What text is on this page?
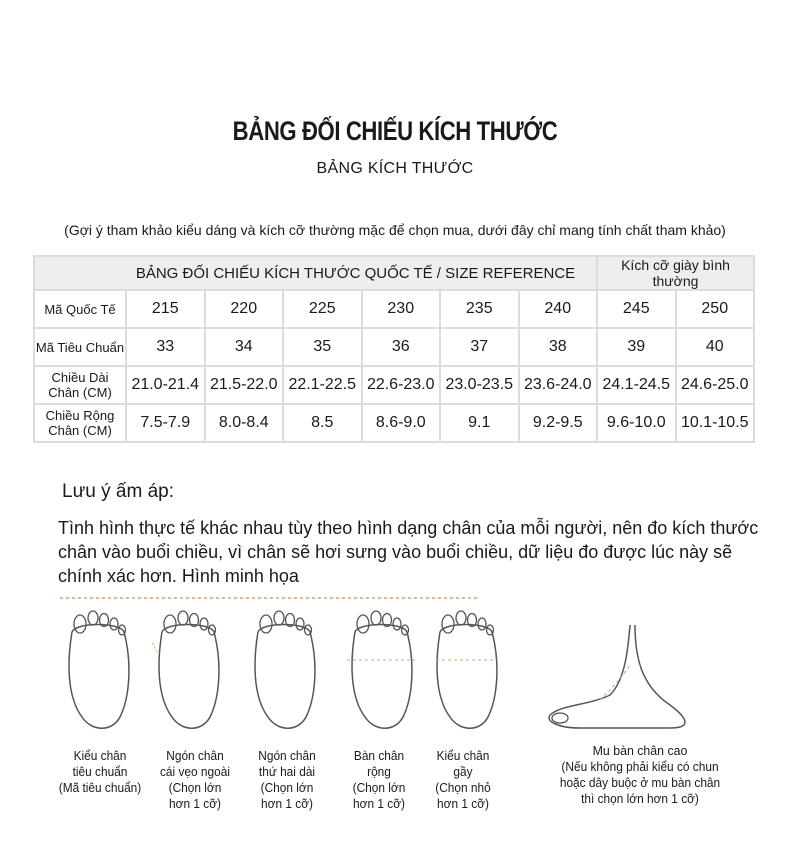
BẢNG ĐỐI CHIẾU KÍCH THƯỚC
BẢNG KÍCH THƯỚC
(Gợi ý tham khảo kiểu dáng và kích cỡ thường mặc để chọn mua, dưới đây chỉ mang tính chất tham khảo)
BẢNG ĐỐI CHIẾU KÍCH THƯỚC QUỐC TẾ / SIZE REFERENCE							Kích cỡ giày bình thường	
Mã Quốc Tế	215	220	225	230	235	240	245	250
Mã Tiêu Chuẩn	33	34	35	36	37	38	39	40
Chiều Dài Chân (CM)	21.0-21.4	21.5-22.0	22.1-22.5	22.6-23.0	23.0-23.5	23.6-24.0	24.1-24.5	24.6-25.0
Chiều Rộng Chân (CM)	7.5-7.9	8.0-8.4	8.5	8.6-9.0	9.1	9.2-9.5	9.6-10.0	10.1-10.5
Lưu ý ấm áp:
Tình hình thực tế khác nhau tùy theo hình dạng chân của mỗi người, nên đo kích thước chân vào buổi chiều, vì chân sẽ hơi sưng vào buổi chiều, dữ liệu đo được lúc này sẽ chính xác hơn. Hình minh họa
Kiểu chân
tiêu chuẩn
(Mã tiêu chuẩn)
Ngón chân
cái vẹo ngoài
(Chọn lớn
hơn 1 cỡ)
Ngón chân
thứ hai dài
(Chọn lớn
hơn 1 cỡ)
Bàn chân
rộng
(Chọn lớn
hơn 1 cỡ)
Kiểu chân
gầy
(Chọn nhỏ
hơn 1 cỡ)
Mu bàn chân cao
(Nếu không phải kiểu có chun
hoặc dây buộc ở mu bàn chân
thì chọn lớn hơn 1 cỡ)
